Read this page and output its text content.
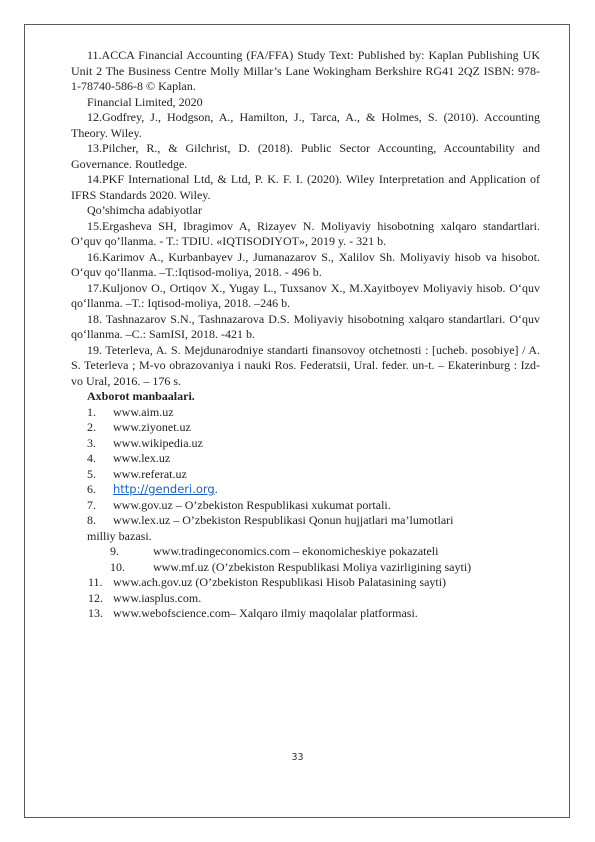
11.ACCA Financial Accounting (FA/FFA) Study Text: Published by: Kaplan Publishing UK Unit 2 The Business Centre Molly Millar’s Lane Wokingham Berkshire RG41 2QZ ISBN: 978-1-78740-586-8 © Kaplan.

Financial Limited, 2020

12.Godfrey, J., Hodgson, A., Hamilton, J., Tarca, A., & Holmes, S. (2010). Accounting Theory. Wiley.

13.Pilcher, R., & Gilchrist, D. (2018). Public Sector Accounting, Accountability and Governance. Routledge.

14.PKF International Ltd, & Ltd, P. K. F. I. (2020). Wiley Interpretation and Application of IFRS Standards 2020. Wiley.

Qo’shimcha adabiyotlar

15.Ergasheva SH, Ibragimov A, Rizayev N. Moliyaviy hisobotning xalqaro standartlari. O’quv qo’llanma. - T.: TDIU. «IQTISODIYOT», 2019 y. - 321 b.

16.Karimov A., Kurbanbayev J., Jumanazarov S., Xalilov Sh. Moliyaviy hisob va hisobot. O‘quv qo‘llanma. –T.:Iqtisod-moliya, 2018. - 496 b.

17.Kuljonov O., Ortiqov X., Yugay L., Tuxsanov X., M.Xayitboyev Moliyaviy hisob. O‘quv qo‘llanma. –T.: Iqtisod-moliya, 2018. –246 b.

18. Tashnazarov S.N., Tashnazarova D.S. Moliyaviy hisobotning xalqaro standartlari. O‘quv qo‘llanma. –С.: SamISI, 2018. -421 b.

19. Teterleva, A. S. Mejdunarodniye standarti finansovoy otchetnosti : [ucheb. posobiye] / A. S. Teterleva ; M-vo obrazovaniya i nauki Ros. Federatsii, Ural. feder. un-t. – Ekaterinburg : Izd-vo Ural, 2016. – 176 s.

Axborot manbaalari.

1.	www.aim.uz
2.	www.ziyonet.uz
3.	www.wikipedia.uz
4.	www.lex.uz
5.	www.referat.uz
6.	http://genderi.org.
7.	www.gov.uz – O’zbekiston Respublikasi xukumat portali.
8.	www.lex.uz – O’zbekiston Respublikasi Qonun hujjatlari ma’lumotlari

milliy bazasi.

9.	www.tradingeconomics.com – ekonomicheskiye pokazateli
10.	www.mf.uz (O’zbekiston Respublikasi Moliya vazirligining sayti)
11. www.ach.gov.uz (O’zbekiston Respublikasi Hisob Palatasining sayti)
12. www.iasplus.com.
13. www.webofscience.com– Xalqaro ilmiy maqolalar platformasi.
33
